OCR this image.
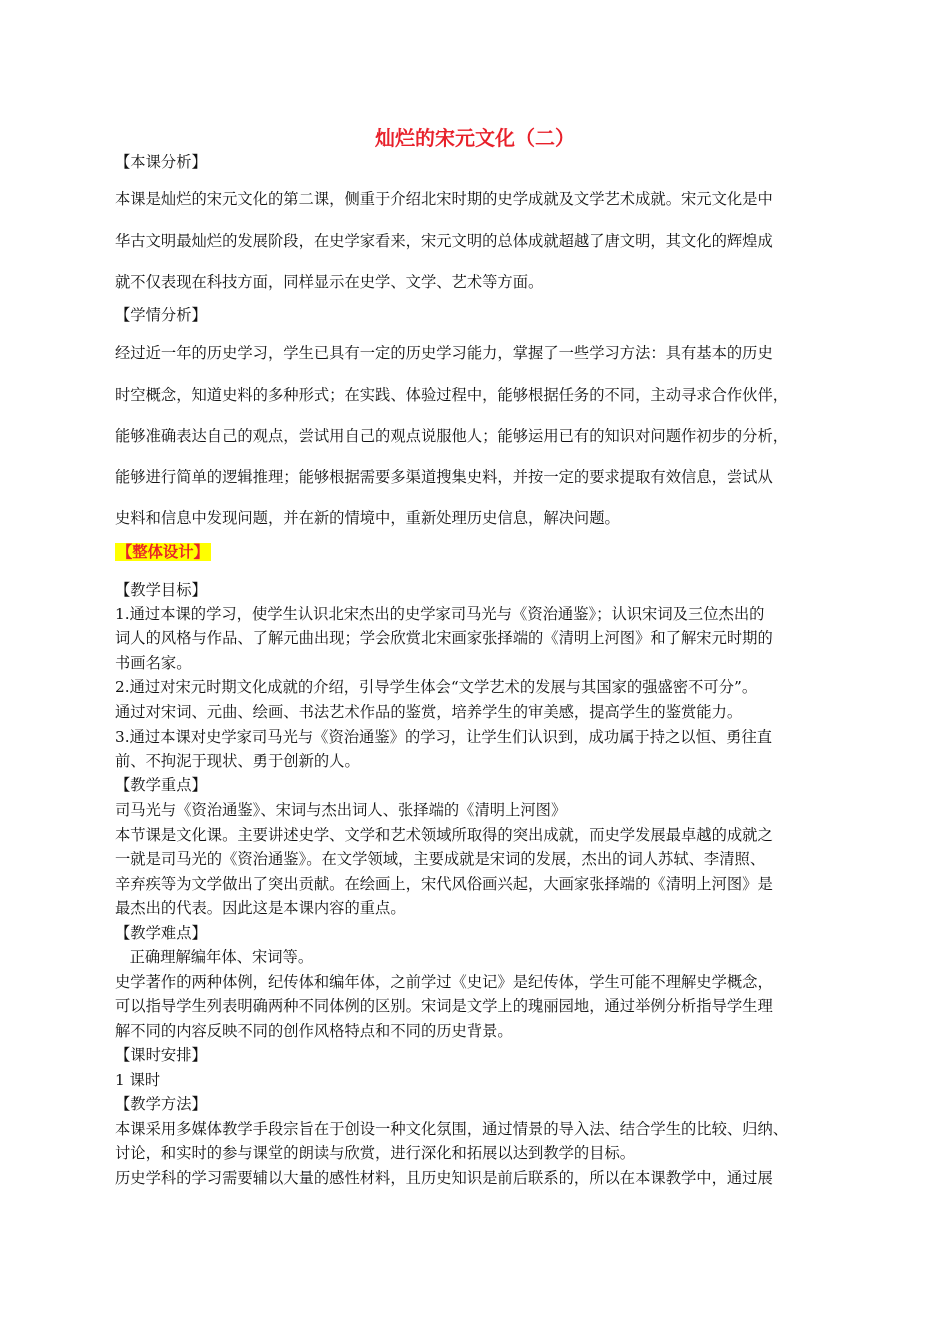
灿烂的宋元文化（二）
【本课分析】
本课是灿烂的宋元文化的第二课，侧重于介绍北宋时期的史学成就及文学艺术成就。宋元文化是中
华古文明最灿烂的发展阶段，在史学家看来，宋元文明的总体成就超越了唐文明，其文化的辉煌成
就不仅表现在科技方面，同样显示在史学、文学、艺术等方面。
【学情分析】
经过近一年的历史学习，学生已具有一定的历史学习能力，掌握了一些学习方法：具有基本的历史
时空概念，知道史料的多种形式；在实践、体验过程中，能够根据任务的不同，主动寻求合作伙伴，
能够准确表达自己的观点，尝试用自己的观点说服他人；能够运用已有的知识对问题作初步的分析，
能够进行简单的逻辑推理；能够根据需要多渠道搜集史料，并按一定的要求提取有效信息，尝试从
史料和信息中发现问题，并在新的情境中，重新处理历史信息，解决问题。
【整体设计】
【教学目标】
1.通过本课的学习，使学生认识北宋杰出的史学家司马光与《资治通鉴》；认识宋词及三位杰出的
词人的风格与作品、了解元曲出现；学会欣赏北宋画家张择端的《清明上河图》和了解宋元时期的
书画名家。
2.通过对宋元时期文化成就的介绍，引导学生体会“文学艺术的发展与其国家的强盛密不可分”。
通过对宋词、元曲、绘画、书法艺术作品的鉴赏，培养学生的审美感，提高学生的鉴赏能力。
3.通过本课对史学家司马光与《资治通鉴》的学习，让学生们认识到，成功属于持之以恒、勇往直
前、不拘泥于现状、勇于创新的人。
【教学重点】
司马光与《资治通鉴》、宋词与杰出词人、张择端的《清明上河图》
本节课是文化课。主要讲述史学、文学和艺术领域所取得的突出成就，而史学发展最卓越的成就之
一就是司马光的《资治通鉴》。在文学领域，主要成就是宋词的发展，杰出的词人苏轼、李清照、
辛弃疾等为文学做出了突出贡献。在绘画上，宋代风俗画兴起，大画家张择端的《清明上河图》是
最杰出的代表。因此这是本课内容的重点。
【教学难点】
正确理解编年体、宋词等。
史学著作的两种体例，纪传体和编年体，之前学过《史记》是纪传体，学生可能不理解史学概念，
可以指导学生列表明确两种不同体例的区别。宋词是文学上的瑰丽园地，通过举例分析指导学生理
解不同的内容反映不同的创作风格特点和不同的历史背景。
【课时安排】
1 课时
【教学方法】
本课采用多媒体教学手段宗旨在于创设一种文化氛围，通过情景的导入法、结合学生的比较、归纳、
讨论，和实时的参与课堂的朗读与欣赏，进行深化和拓展以达到教学的目标。
历史学科的学习需要辅以大量的感性材料，且历史知识是前后联系的，所以在本课教学中，通过展
